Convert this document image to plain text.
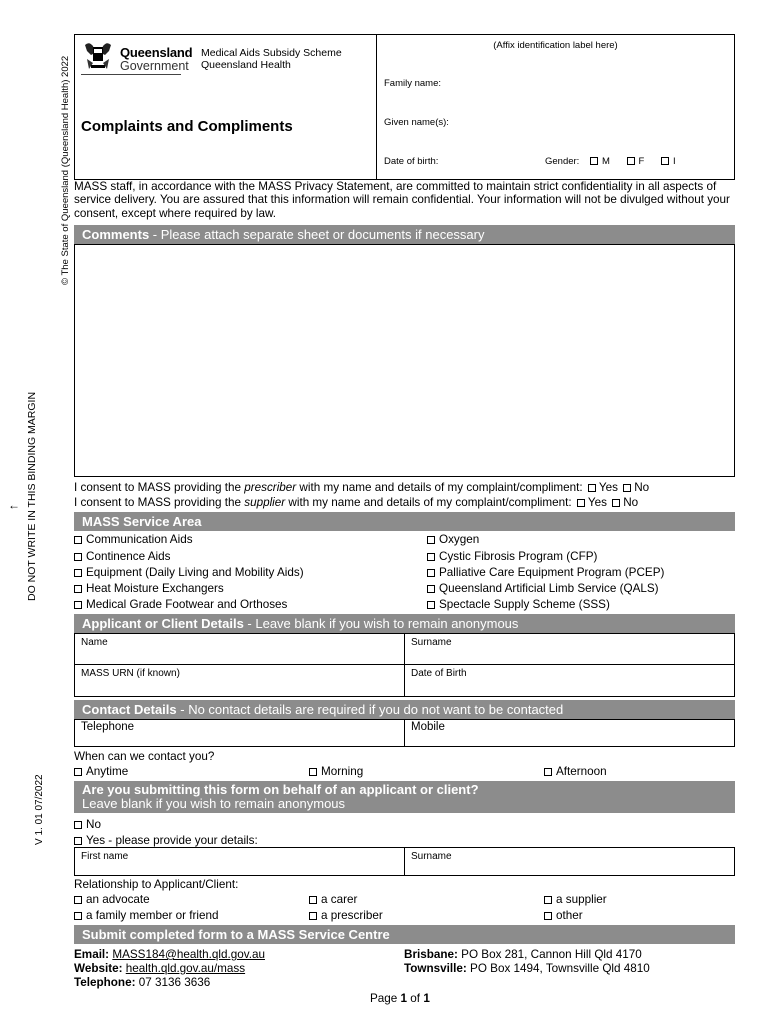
© The State of Queensland (Queensland Health) 2022
DO NOT WRITE IN THIS BINDING MARGIN
←
V 1. 01 07/2022
Queensland
Government
Medical Aids Subsidy Scheme
Queensland Health
Complaints and Compliments
(Affix identification label here)
Family name:
Given name(s):
Date of birth:	Gender: M	F	I
MASS staff, in accordance with the MASS Privacy Statement, are committed to maintain strict confidentiality in all aspects of service delivery. You are assured that this information will remain confidential. Your information will not be divulged without your consent, except where required by law.
Comments - Please attach separate sheet or documents if necessary
I consent to MASS providing the prescriber with my name and details of my complaint/compliment: Yes No
I consent to MASS providing the supplier with my name and details of my complaint/compliment: Yes No
MASS Service Area
Communication Aids
Continence Aids
Equipment (Daily Living and Mobility Aids)
Heat Moisture Exchangers
Medical Grade Footwear and Orthoses
Oxygen
Cystic Fibrosis Program (CFP)
Palliative Care Equipment Program (PCEP)
Queensland Artificial Limb Service (QALS)
Spectacle Supply Scheme (SSS)
Applicant or Client Details - Leave blank if you wish to remain anonymous
Name	Surname
MASS URN (if known)	Date of Birth
Contact Details - No contact details are required if you do not want to be contacted
Telephone	Mobile
When can we contact you?
Anytime	Morning	Afternoon
Are you submitting this form on behalf of an applicant or client?
Leave blank if you wish to remain anonymous
No
Yes - please provide your details:
First name	Surname
Relationship to Applicant/Client:
an advocate	a carer	a supplier
a family member or friend	a prescriber	other
Submit completed form to a MASS Service Centre
Email: MASS184@health.qld.gov.au
Website: health.qld.gov.au/mass
Telephone: 07 3136 3636
Brisbane: PO Box 281, Cannon Hill Qld 4170
Townsville: PO Box 1494, Townsville Qld 4810
Page 1 of 1
